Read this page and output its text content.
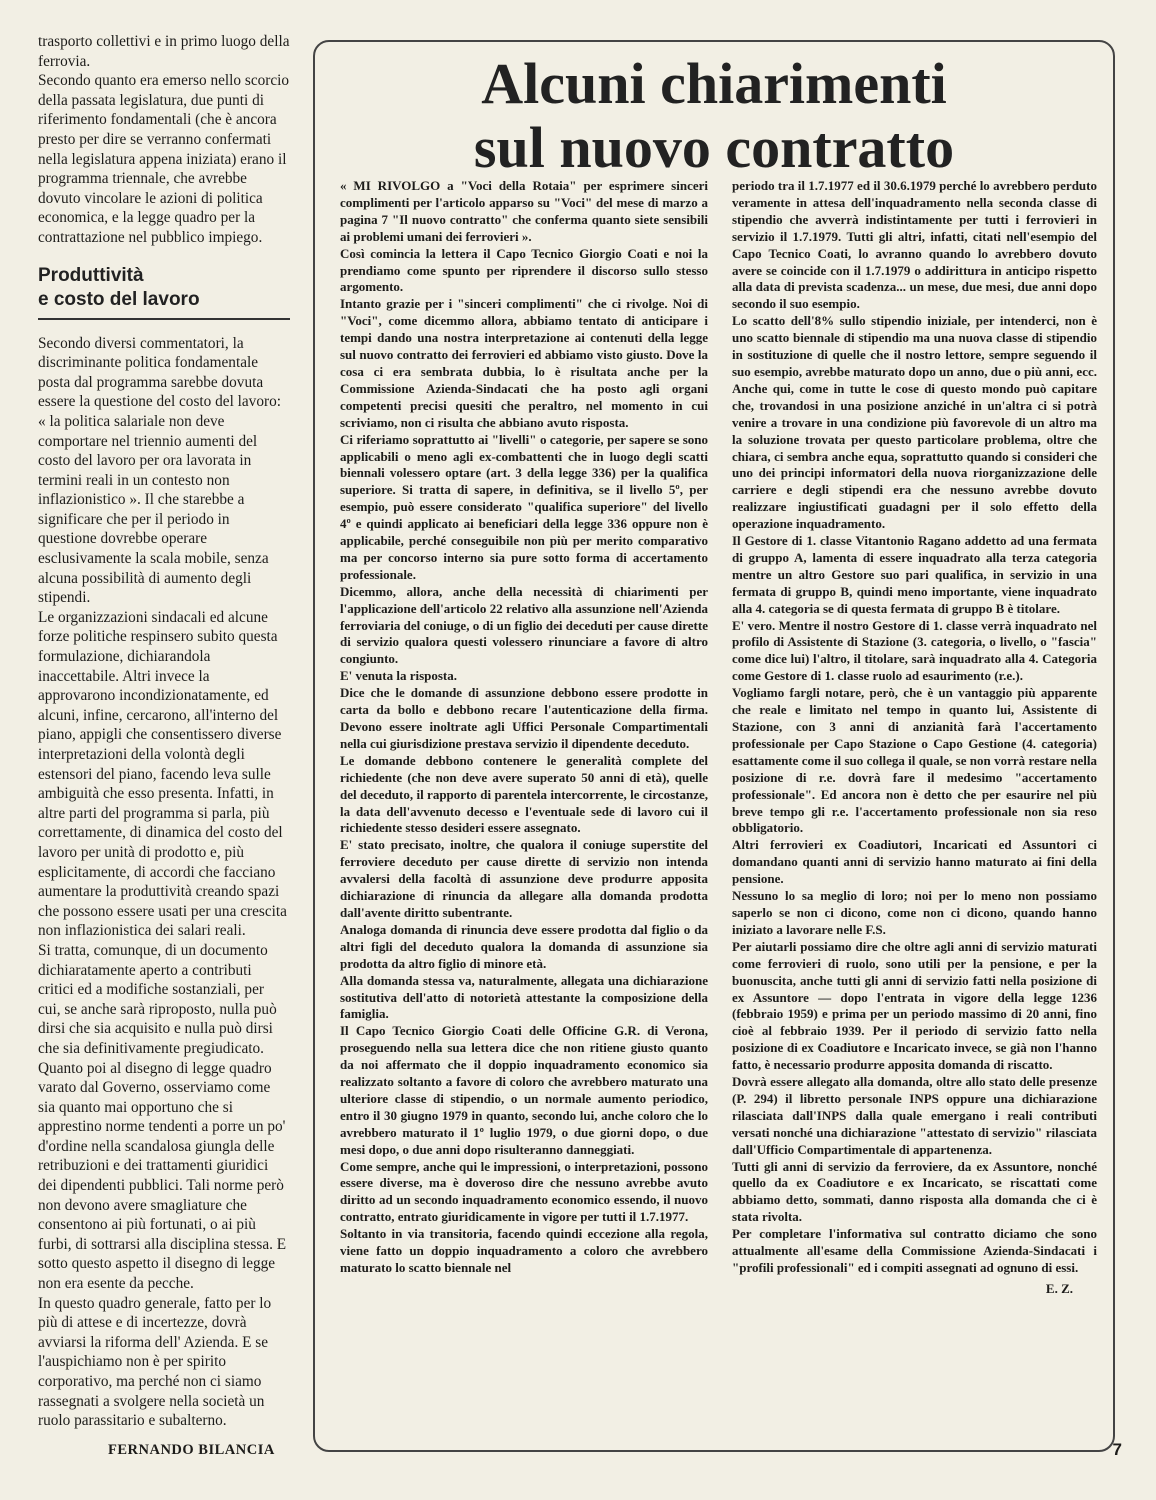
trasporto collettivi e in primo luogo della ferrovia.

Secondo quanto era emerso nello scorcio della passata legislatura, due punti di riferimento fondamentali (che è ancora presto per dire se verranno confermati nella legislatura appena iniziata) erano il programma triennale, che avrebbe dovuto vincolare le azioni di politica economica, e la legge quadro per la contrattazione nel pubblico impiego.

Produttività
e costo del lavoro

Secondo diversi commentatori, la discriminante politica fondamentale posta dal programma sarebbe dovuta essere la questione del costo del lavoro: « la politica salariale non deve comportare nel triennio aumenti del costo del lavoro per ora lavorata in termini reali in un contesto non inflazionistico ». Il che starebbe a significare che per il periodo in questione dovrebbe operare esclusivamente la scala mobile, senza alcuna possibilità di aumento degli stipendi.

Le organizzazioni sindacali ed alcune forze politiche respinsero subito questa formulazione, dichiarandola inaccettabile. Altri invece la approvarono incondizionatamente, ed alcuni, infine, cercarono, all'interno del piano, appigli che consentissero diverse interpretazioni della volontà degli estensori del piano, facendo leva sulle ambiguità che esso presenta. Infatti, in altre parti del programma si parla, più correttamente, di dinamica del costo del lavoro per unità di prodotto e, più esplicitamente, di accordi che facciano aumentare la produttività creando spazi che possono essere usati per una crescita non inflazionistica dei salari reali.

Si tratta, comunque, di un documento dichiaratamente aperto a contributi critici ed a modifiche sostanziali, per cui, se anche sarà riproposto, nulla può dirsi che sia acquisito e nulla può dirsi che sia definitivamente pregiudicato.

Quanto poi al disegno di legge quadro varato dal Governo, osserviamo come sia quanto mai opportuno che si apprestino norme tendenti a porre un po' d'ordine nella scandalosa giungla delle retribuzioni e dei trattamenti giuridici dei dipendenti pubblici. Tali norme però non devono avere smagliature che consentono ai più fortunati, o ai più furbi, di sottrarsi alla disciplina stessa. E sotto questo aspetto il disegno di legge non era esente da pecche.

In questo quadro generale, fatto per lo più di attese e di incertezze, dovrà avviarsi la riforma dell' Azienda. E se l'auspichiamo non è per spirito corporativo, ma perché non ci siamo rassegnati a svolgere nella società un ruolo parassitario e subalterno.

FERNANDO BILANCIA
Alcuni chiarimenti
sul nuovo contratto

« MI RIVOLGO a "Voci della Rotaia" per esprimere sinceri complimenti per l'articolo apparso su "Voci" del mese di marzo a pagina 7 "Il nuovo contratto" che conferma quanto siete sensibili ai problemi umani dei ferrovieri ».

Così comincia la lettera il Capo Tecnico Giorgio Coati e noi la prendiamo come spunto per riprendere il discorso sullo stesso argomento.

Intanto grazie per i "sinceri complimenti" che ci rivolge. Noi di "Voci", come dicemmo allora, abbiamo tentato di anticipare i tempi dando una nostra interpretazione ai contenuti della legge sul nuovo contratto dei ferrovieri ed abbiamo visto giusto. Dove la cosa ci era sembrata dubbia, lo è risultata anche per la Commissione Azienda-Sindacati che ha posto agli organi competenti precisi quesiti che peraltro, nel momento in cui scriviamo, non ci risulta che abbiano avuto risposta.

Ci riferiamo soprattutto ai "livelli" o categorie, per sapere se sono applicabili o meno agli ex-combattenti che in luogo degli scatti biennali volessero optare (art. 3 della legge 336) per la qualifica superiore. Si tratta di sapere, in definitiva, se il livello 5º, per esempio, può essere considerato "qualifica superiore" del livello 4º e quindi applicato ai beneficiari della legge 336 oppure non è applicabile, perché conseguibile non più per merito comparativo ma per concorso interno sia pure sotto forma di accertamento professionale.

Dicemmo, allora, anche della necessità di chiarimenti per l'applicazione dell'articolo 22 relativo alla assunzione nell'Azienda ferroviaria del coniuge, o di un figlio dei deceduti per cause dirette di servizio qualora questi volessero rinunciare a favore di altro congiunto.

E' venuta la risposta.

Dice che le domande di assunzione debbono essere prodotte in carta da bollo e debbono recare l'autenticazione della firma. Devono essere inoltrate agli Uffici Personale Compartimentali nella cui giurisdizione prestava servizio il dipendente deceduto.

Le domande debbono contenere le generalità complete del richiedente (che non deve avere superato 50 anni di età), quelle del deceduto, il rapporto di parentela intercorrente, le circostanze, la data dell'avvenuto decesso e l'eventuale sede di lavoro cui il richiedente stesso desideri essere assegnato.

E' stato precisato, inoltre, che qualora il coniuge superstite del ferroviere deceduto per cause dirette di servizio non intenda avvalersi della facoltà di assunzione deve produrre apposita dichiarazione di rinuncia da allegare alla domanda prodotta dall'avente diritto subentrante.

Analoga domanda di rinuncia deve essere prodotta dal figlio o da altri figli del deceduto qualora la domanda di assunzione sia prodotta da altro figlio di minore età.

Alla domanda stessa va, naturalmente, allegata una dichiarazione sostitutiva dell'atto di notorietà attestante la composizione della famiglia.

Il Capo Tecnico Giorgio Coati delle Officine G.R. di Verona, proseguendo nella sua lettera dice che non ritiene giusto quanto da noi affermato che il doppio inquadramento economico sia realizzato soltanto a favore di coloro che avrebbero maturato una ulteriore classe di stipendio, o un normale aumento periodico, entro il 30 giugno 1979 in quanto, secondo lui, anche coloro che lo avrebbero maturato il 1º luglio 1979, o due giorni dopo, o due mesi dopo, o due anni dopo risulteranno danneggiati.

Come sempre, anche qui le impressioni, o interpretazioni, possono essere diverse, ma è doveroso dire che nessuno avrebbe avuto diritto ad un secondo inquadramento economico essendo, il nuovo contratto, entrato giuridicamente in vigore per tutti il 1.7.1977.

Soltanto in via transitoria, facendo quindi eccezione alla regola, viene fatto un doppio inquadramento a coloro che avrebbero maturato lo scatto biennale nel

periodo tra il 1.7.1977 ed il 30.6.1979 perché lo avrebbero perduto veramente in attesa dell'inquadramento nella seconda classe di stipendio che avverrà indistintamente per tutti i ferrovieri in servizio il 1.7.1979. Tutti gli altri, infatti, citati nell'esempio del Capo Tecnico Coati, lo avranno quando lo avrebbero dovuto avere se coincide con il 1.7.1979 o addirittura in anticipo rispetto alla data di prevista scadenza... un mese, due mesi, due anni dopo secondo il suo esempio.

Lo scatto dell'8% sullo stipendio iniziale, per intenderci, non è uno scatto biennale di stipendio ma una nuova classe di stipendio in sostituzione di quelle che il nostro lettore, sempre seguendo il suo esempio, avrebbe maturato dopo un anno, due o più anni, ecc. Anche qui, come in tutte le cose di questo mondo può capitare che, trovandosi in una posizione anziché in un'altra ci si potrà venire a trovare in una condizione più favorevole di un altro ma la soluzione trovata per questo particolare problema, oltre che chiara, ci sembra anche equa, soprattutto quando si consideri che uno dei principi informatori della nuova riorganizzazione delle carriere e degli stipendi era che nessuno avrebbe dovuto realizzare ingiustificati guadagni per il solo effetto della operazione inquadramento.

Il Gestore di 1. classe Vitantonio Ragano addetto ad una fermata di gruppo A, lamenta di essere inquadrato alla terza categoria mentre un altro Gestore suo pari qualifica, in servizio in una fermata di gruppo B, quindi meno importante, viene inquadrato alla 4. categoria se di questa fermata di gruppo B è titolare.

E' vero. Mentre il nostro Gestore di 1. classe verrà inquadrato nel profilo di Assistente di Stazione (3. categoria, o livello, o "fascia" come dice lui) l'altro, il titolare, sarà inquadrato alla 4. Categoria come Gestore di 1. classe ruolo ad esaurimento (r.e.).

Vogliamo fargli notare, però, che è un vantaggio più apparente che reale e limitato nel tempo in quanto lui, Assistente di Stazione, con 3 anni di anzianità farà l'accertamento professionale per Capo Stazione o Capo Gestione (4. categoria) esattamente come il suo collega il quale, se non vorrà restare nella posizione di r.e. dovrà fare il medesimo "accertamento professionale". Ed ancora non è detto che per esaurire nel più breve tempo gli r.e. l'accertamento professionale non sia reso obbligatorio.

Altri ferrovieri ex Coadiutori, Incaricati ed Assuntori ci domandano quanti anni di servizio hanno maturato ai fini della pensione.

Nessuno lo sa meglio di loro; noi per lo meno non possiamo saperlo se non ci dicono, come non ci dicono, quando hanno iniziato a lavorare nelle F.S.

Per aiutarli possiamo dire che oltre agli anni di servizio maturati come ferrovieri di ruolo, sono utili per la pensione, e per la buonuscita, anche tutti gli anni di servizio fatti nella posizione di ex Assuntore — dopo l'entrata in vigore della legge 1236 (febbraio 1959) e prima per un periodo massimo di 20 anni, fino cioè al febbraio 1939. Per il periodo di servizio fatto nella posizione di ex Coadiutore e Incaricato invece, se già non l'hanno fatto, è necessario produrre apposita domanda di riscatto.

Dovrà essere allegato alla domanda, oltre allo stato delle presenze (P. 294) il libretto personale INPS oppure una dichiarazione rilasciata dall'INPS dalla quale emergano i reali contributi versati nonché una dichiarazione "attestato di servizio" rilasciata dall'Ufficio Compartimentale di appartenenza.

Tutti gli anni di servizio da ferroviere, da ex Assuntore, nonché quello da ex Coadiutore e ex Incaricato, se riscattati come abbiamo detto, sommati, danno risposta alla domanda che ci è stata rivolta.

Per completare l'informativa sul contratto diciamo che sono attualmente all'esame della Commissione Azienda-Sindacati i "profili professionali" ed i compiti assegnati ad ognuno di essi.

E. Z.
7
